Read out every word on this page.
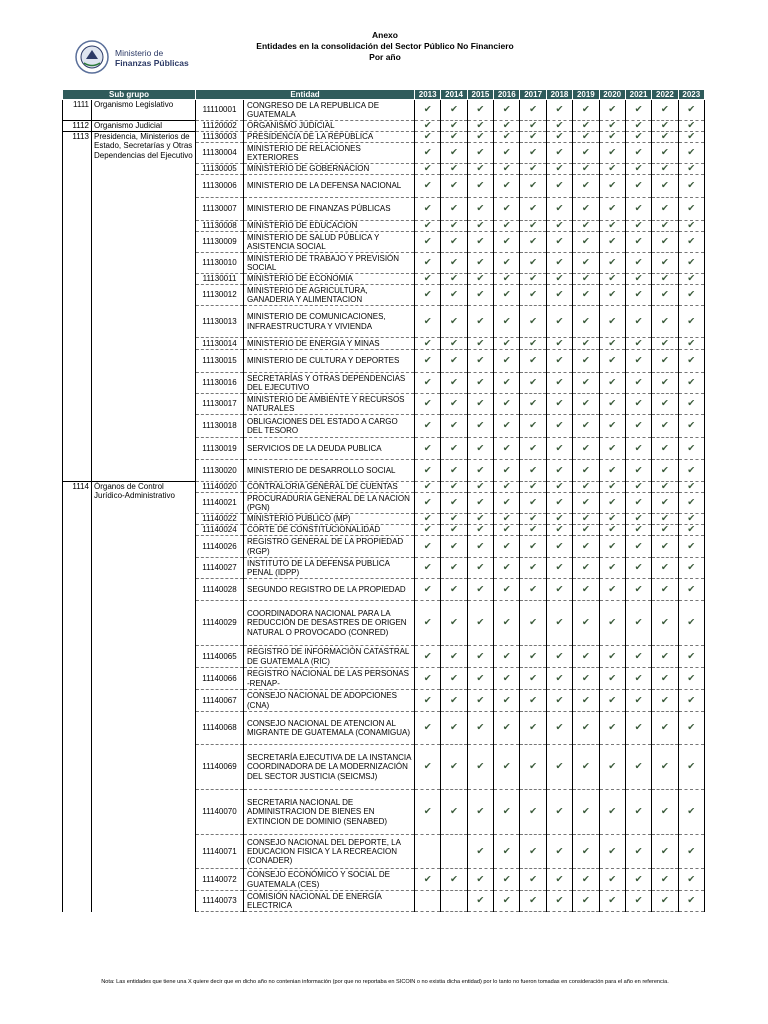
Ministerio de
Finanzas Públicas
Anexo
Entidades en la consolidación del Sector Público No Financiero
Por año
Sub grupo		Entidad		2013	2014	2015	2016	2017	2018	2019	2020	2021	2022	2023
1111	Organismo Legislativo	11110001	CONGRESO DE LA REPUBLICA DE GUATEMALA	✔	✔	✔	✔	✔	✔	✔	✔	✔	✔	✔
1112	Organismo Judicial	11120002	ORGANISMO JUDICIAL	✔	✔	✔	✔	✔	✔	✔	✔	✔	✔	✔
1113	Presidencia, Ministerios de Estado, Secretarías y Otras Dependencias del Ejecutivo	11130003	PRESIDENCIA DE LA REPUBLICA	✔	✔	✔	✔	✔	✔	✔	✔	✔	✔	✔
		11130004	MINISTERIO DE RELACIONES EXTERIORES	✔	✔	✔	✔	✔	✔	✔	✔	✔	✔	✔
		11130005	MINISTERIO DE GOBERNACION	✔	✔	✔	✔	✔	✔	✔	✔	✔	✔	✔
		11130006	MINISTERIO DE LA DEFENSA NACIONAL	✔	✔	✔	✔	✔	✔	✔	✔	✔	✔	✔
		11130007	MINISTERIO DE FINANZAS PÚBLICAS	✔	✔	✔	✔	✔	✔	✔	✔	✔	✔	✔
		11130008	MINISTERIO DE EDUCACION	✔	✔	✔	✔	✔	✔	✔	✔	✔	✔	✔
		11130009	MINISTERIO DE SALUD PÚBLICA Y ASISTENCIA SOCIAL	✔	✔	✔	✔	✔	✔	✔	✔	✔	✔	✔
		11130010	MINISTERIO DE TRABAJO Y PREVISIÓN SOCIAL	✔	✔	✔	✔	✔	✔	✔	✔	✔	✔	✔
		11130011	MINISTERIO DE ECONOMIA	✔	✔	✔	✔	✔	✔	✔	✔	✔	✔	✔
		11130012	MINISTERIO DE AGRICULTURA, GANADERIA Y ALIMENTACION	✔	✔	✔	✔	✔	✔	✔	✔	✔	✔	✔
		11130013	MINISTERIO DE COMUNICACIONES, INFRAESTRUCTURA Y VIVIENDA	✔	✔	✔	✔	✔	✔	✔	✔	✔	✔	✔
		11130014	MINISTERIO DE ENERGIA Y MINAS	✔	✔	✔	✔	✔	✔	✔	✔	✔	✔	✔
		11130015	MINISTERIO DE CULTURA Y DEPORTES	✔	✔	✔	✔	✔	✔	✔	✔	✔	✔	✔
		11130016	SECRETARÍAS Y OTRAS DEPENDENCIAS DEL EJECUTIVO	✔	✔	✔	✔	✔	✔	✔	✔	✔	✔	✔
		11130017	MINISTERIO DE AMBIENTE Y RECURSOS NATURALES	✔	✔	✔	✔	✔	✔	✔	✔	✔	✔	✔
		11130018	OBLIGACIONES DEL ESTADO A CARGO DEL TESORO	✔	✔	✔	✔	✔	✔	✔	✔	✔	✔	✔
		11130019	SERVICIOS DE LA DEUDA PUBLICA	✔	✔	✔	✔	✔	✔	✔	✔	✔	✔	✔
		11130020	MINISTERIO DE DESARROLLO SOCIAL	✔	✔	✔	✔	✔	✔	✔	✔	✔	✔	✔
1114	Órganos de Control Jurídico-Administrativo	11140020	CONTRALORIA GENERAL DE CUENTAS	✔	✔	✔	✔	✔	✔	✔	✔	✔	✔	✔
		11140021	PROCURADURIA GENERAL DE LA NACION (PGN)	✔	✔	✔	✔	✔	✔	✔	✔	✔	✔	✔
		11140022	MINISTERIO PUBLICO (MP)	✔	✔	✔	✔	✔	✔	✔	✔	✔	✔	✔
		11140024	CORTE DE CONSTITUCIONALIDAD	✔	✔	✔	✔	✔	✔	✔	✔	✔	✔	✔
		11140026	REGISTRO GENERAL DE LA PROPIEDAD (RGP)	✔	✔	✔	✔	✔	✔	✔	✔	✔	✔	✔
		11140027	INSTITUTO DE LA DEFENSA PUBLICA PENAL (IDPP)	✔	✔	✔	✔	✔	✔	✔	✔	✔	✔	✔
		11140028	SEGUNDO REGISTRO DE LA PROPIEDAD	✔	✔	✔	✔	✔	✔	✔	✔	✔	✔	✔
		11140029	COORDINADORA NACIONAL PARA LA REDUCCIÓN DE DESASTRES DE ORIGEN NATURAL O PROVOCADO (CONRED)	✔	✔	✔	✔	✔	✔	✔	✔	✔	✔	✔
		11140065	REGISTRO DE INFORMACIÓN CATASTRAL DE GUATEMALA (RIC)	✔	✔	✔	✔	✔	✔	✔	✔	✔	✔	✔
		11140066	REGISTRO NACIONAL DE LAS PERSONAS -RENAP-	✔	✔	✔	✔	✔	✔	✔	✔	✔	✔	✔
		11140067	CONSEJO NACIONAL DE ADOPCIONES (CNA)	✔	✔	✔	✔	✔	✔	✔	✔	✔	✔	✔
		11140068	CONSEJO NACIONAL DE ATENCION AL MIGRANTE DE GUATEMALA (CONAMIGUA)	✔	✔	✔	✔	✔	✔	✔	✔	✔	✔	✔
		11140069	SECRETARÍA EJECUTIVA DE LA INSTANCIA COORDINADORA DE LA MODERNIZACIÓN DEL SECTOR JUSTICIA (SEICMSJ)	✔	✔	✔	✔	✔	✔	✔	✔	✔	✔	✔
		11140070	SECRETARIA NACIONAL DE ADMINISTRACION DE BIENES EN EXTINCION DE DOMINIO (SENABED)	✔	✔	✔	✔	✔	✔	✔	✔	✔	✔	✔
		11140071	CONSEJO NACIONAL DEL DEPORTE, LA EDUCACION FISICA Y LA RECREACION (CONADER)			✔	✔	✔	✔	✔	✔	✔	✔	✔
		11140072	CONSEJO ECONÓMICO Y SOCIAL DE GUATEMALA (CES)	✔	✔	✔	✔	✔	✔	✔	✔	✔	✔	✔
		11140073	COMISIÓN NACIONAL DE ENERGÍA ELECTRICA			✔	✔	✔	✔	✔	✔	✔	✔	✔
Nota: Las entidades que tiene una X quiere decir que en dicho año no contenian información (por que no reportaba en SICOIN o no existia dicha entidad) por lo tanto no fueron tomadas en consideración para el año en referencia.
